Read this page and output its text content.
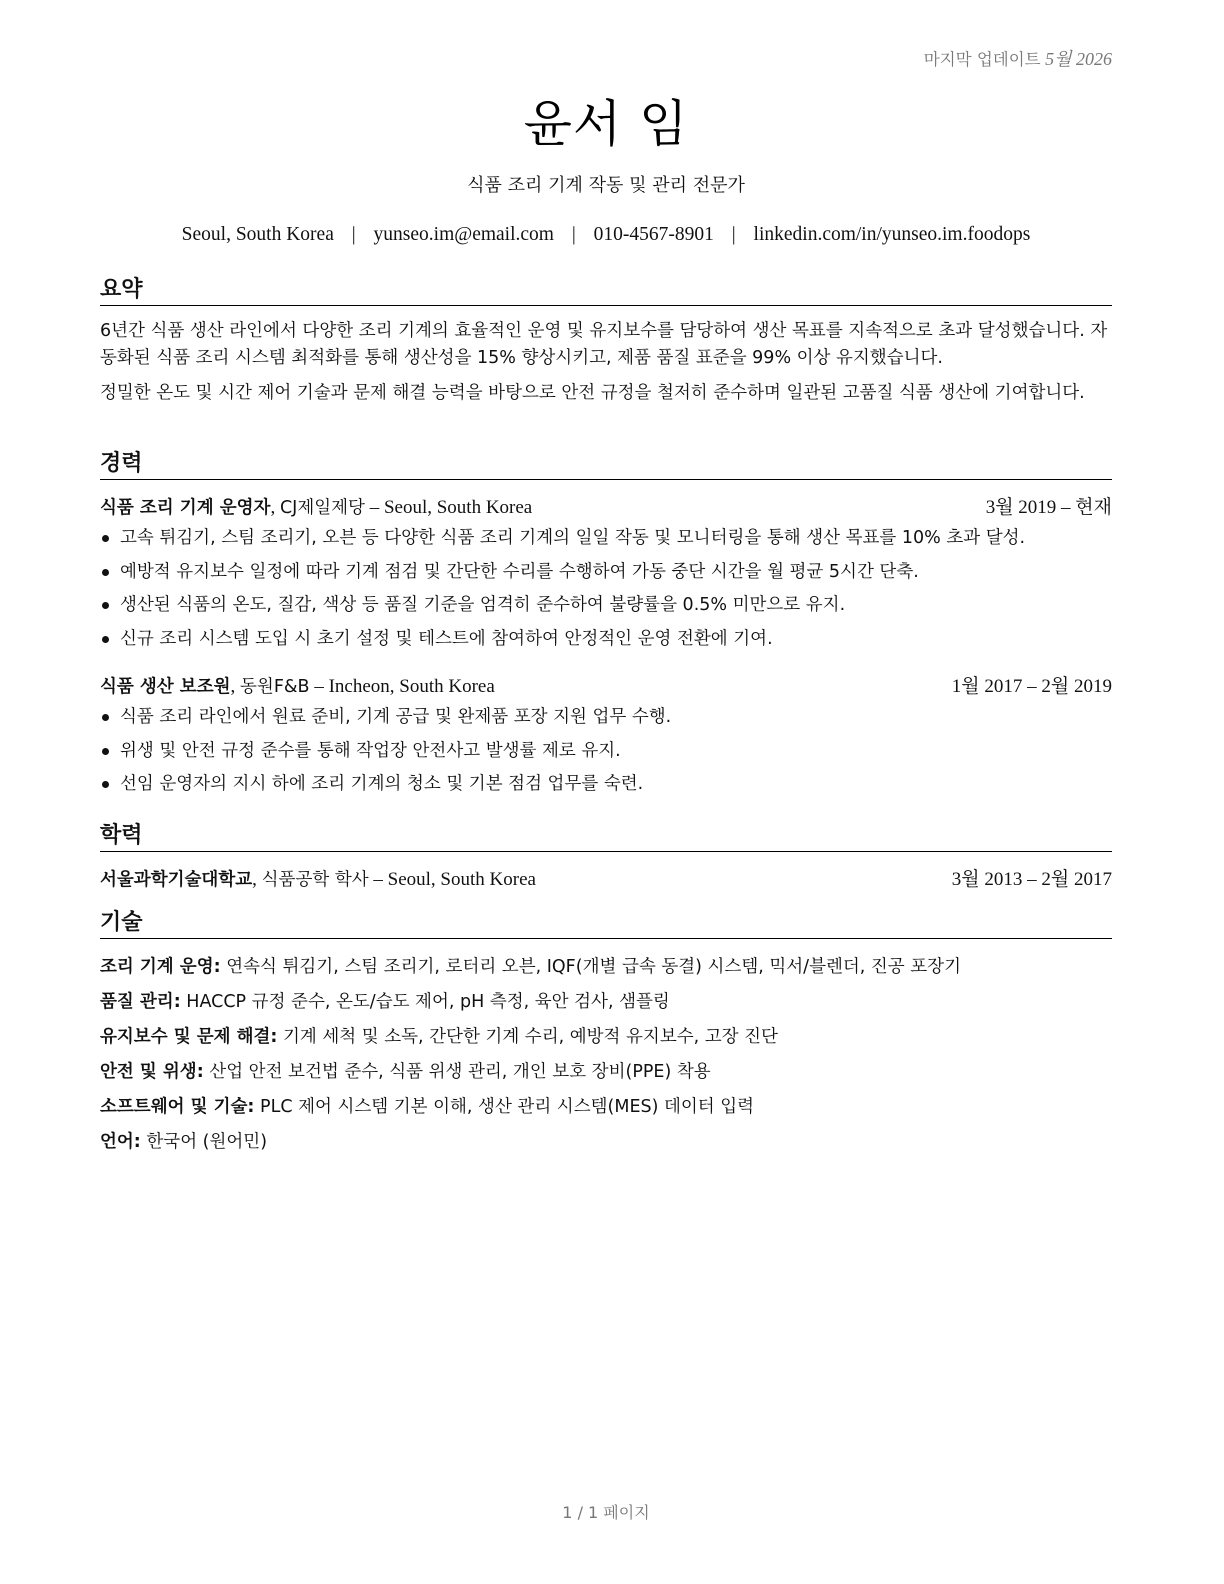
마지막 업데이트 5월 2026
윤서 임
식품 조리 기계 작동 및 관리 전문가
Seoul, South Korea | yunseo.im@email.com | 010-4567-8901 | linkedin.com/in/yunseo.im.foodops
요약

6년간 식품 생산 라인에서 다양한 조리 기계의 효율적인 운영 및 유지보수를 담당하여 생산 목표를 지속적으로 초과 달성했습니다. 자동화된 식품 조리 시스템 최적화를 통해 생산성을 15% 향상시키고, 제품 품질 표준을 99% 이상 유지했습니다.

정밀한 온도 및 시간 제어 기술과 문제 해결 능력을 바탕으로 안전 규정을 철저히 준수하며 일관된 고품질 식품 생산에 기여합니다.

경력
식품 조리 기계 운영자, CJ제일제당 – Seoul, South Korea	3월 2019 – 현재
고속 튀김기, 스팀 조리기, 오븐 등 다양한 식품 조리 기계의 일일 작동 및 모니터링을 통해 생산 목표를 10% 초과 달성.
예방적 유지보수 일정에 따라 기계 점검 및 간단한 수리를 수행하여 가동 중단 시간을 월 평균 5시간 단축.
생산된 식품의 온도, 질감, 색상 등 품질 기준을 엄격히 준수하여 불량률을 0.5% 미만으로 유지.
신규 조리 시스템 도입 시 초기 설정 및 테스트에 참여하여 안정적인 운영 전환에 기여.
식품 생산 보조원, 동원F&B – Incheon, South Korea	1월 2017 – 2월 2019
식품 조리 라인에서 원료 준비, 기계 공급 및 완제품 포장 지원 업무 수행.
위생 및 안전 규정 준수를 통해 작업장 안전사고 발생률 제로 유지.
선임 운영자의 지시 하에 조리 기계의 청소 및 기본 점검 업무를 숙련.
학력
서울과학기술대학교, 식품공학 학사 – Seoul, South Korea	3월 2013 – 2월 2017
기술
조리 기계 운영: 연속식 튀김기, 스팀 조리기, 로터리 오븐, IQF(개별 급속 동결) 시스템, 믹서/블렌더, 진공 포장기
품질 관리: HACCP 규정 준수, 온도/습도 제어, pH 측정, 육안 검사, 샘플링
유지보수 및 문제 해결: 기계 세척 및 소독, 간단한 기계 수리, 예방적 유지보수, 고장 진단
안전 및 위생: 산업 안전 보건법 준수, 식품 위생 관리, 개인 보호 장비(PPE) 착용
소프트웨어 및 기술: PLC 제어 시스템 기본 이해, 생산 관리 시스템(MES) 데이터 입력
언어: 한국어 (원어민)
1 / 1 페이지
